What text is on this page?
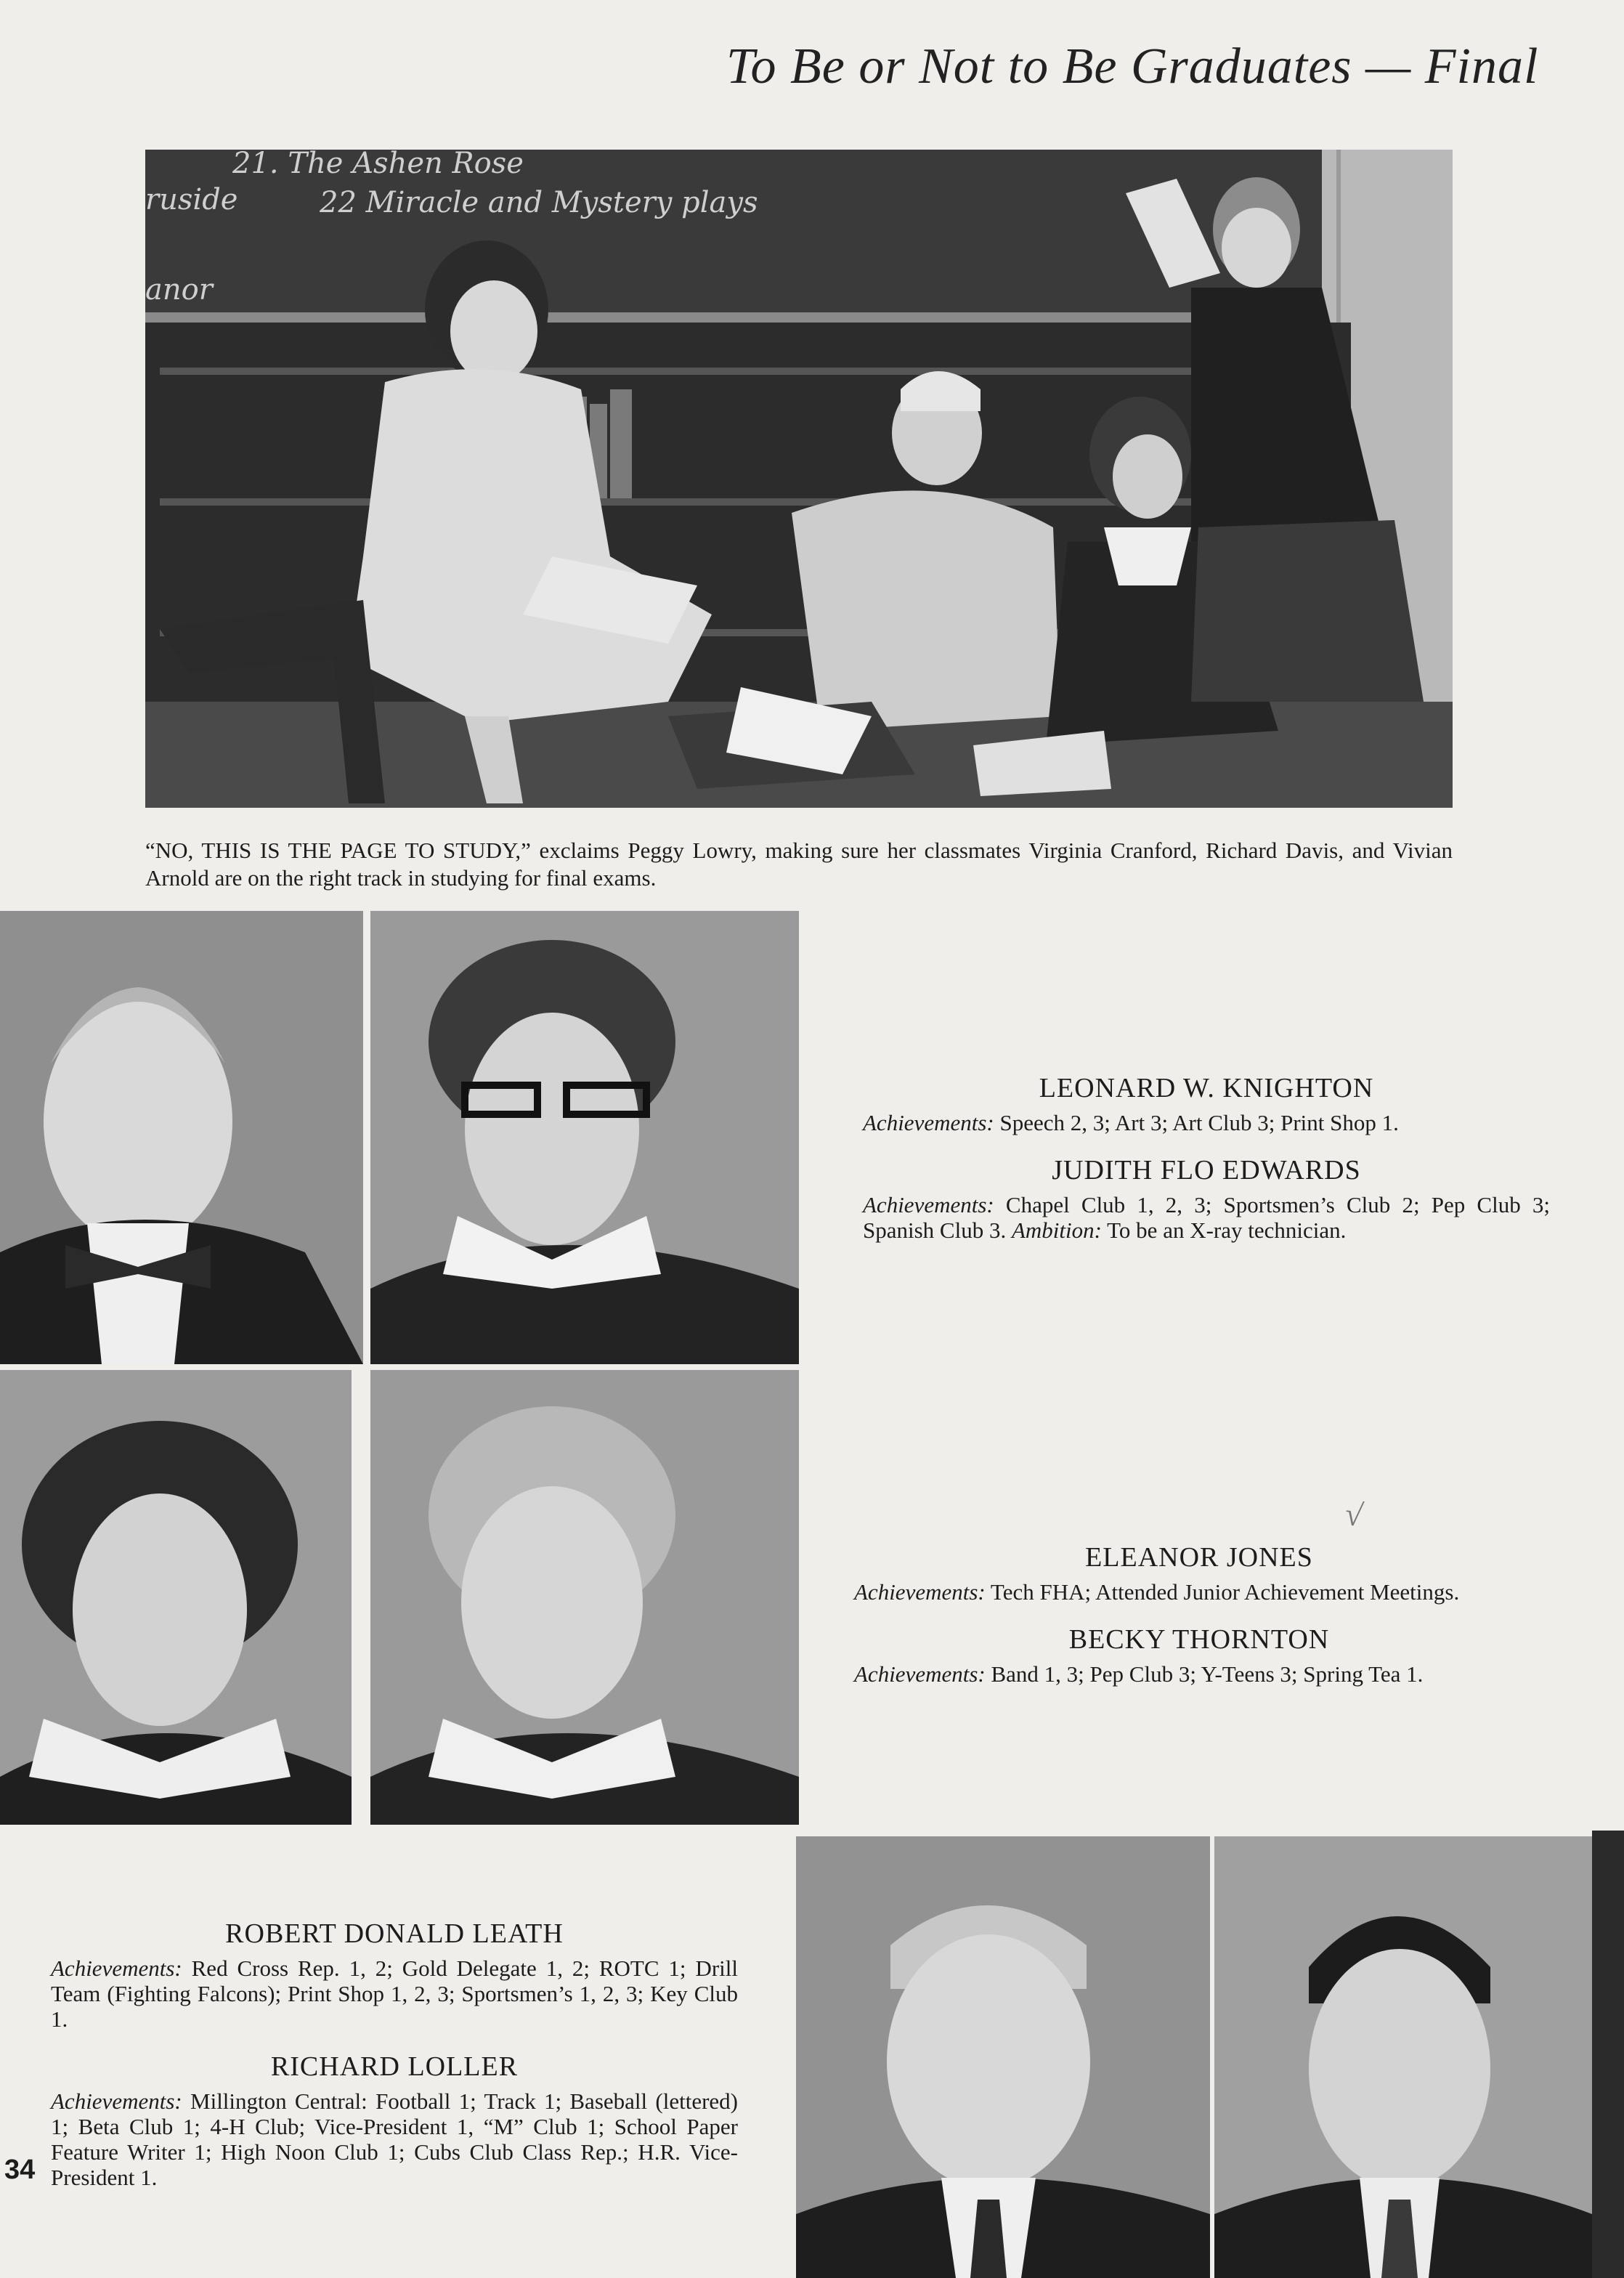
To Be or Not to Be Graduates — Final
21. The Ashen Rose
22 Miracle and Mystery plays
ruside
anor
“NO, THIS IS THE PAGE TO STUDY,” exclaims Peggy Lowry, making sure her classmates Virginia Cranford, Richard Davis, and Vivian Arnold are on the right track in studying for final exams.
LEONARD W. KNIGHTON
Achievements: Speech 2, 3; Art 3; Art Club 3; Print Shop 1.
JUDITH FLO EDWARDS
Achievements: Chapel Club 1, 2, 3; Sportsmen’s Club 2; Pep Club 3; Spanish Club 3. Ambition: To be an X-ray technician.
√
ELEANOR JONES
Achievements: Tech FHA; Attended Junior Achievement Meetings.
BECKY THORNTON
Achievements: Band 1, 3; Pep Club 3; Y-Teens 3; Spring Tea 1.
ROBERT DONALD LEATH
Achievements: Red Cross Rep. 1, 2; Gold Delegate 1, 2; ROTC 1; Drill Team (Fighting Falcons); Print Shop 1, 2, 3; Sportsmen’s 1, 2, 3; Key Club 1.
RICHARD LOLLER
Achievements: Millington Central: Football 1; Track 1; Baseball (lettered) 1; Beta Club 1; 4-H Club; Vice-President 1, “M” Club 1; School Paper Feature Writer 1; High Noon Club 1; Cubs Club Class Rep.; H.R. Vice-President 1.
34
